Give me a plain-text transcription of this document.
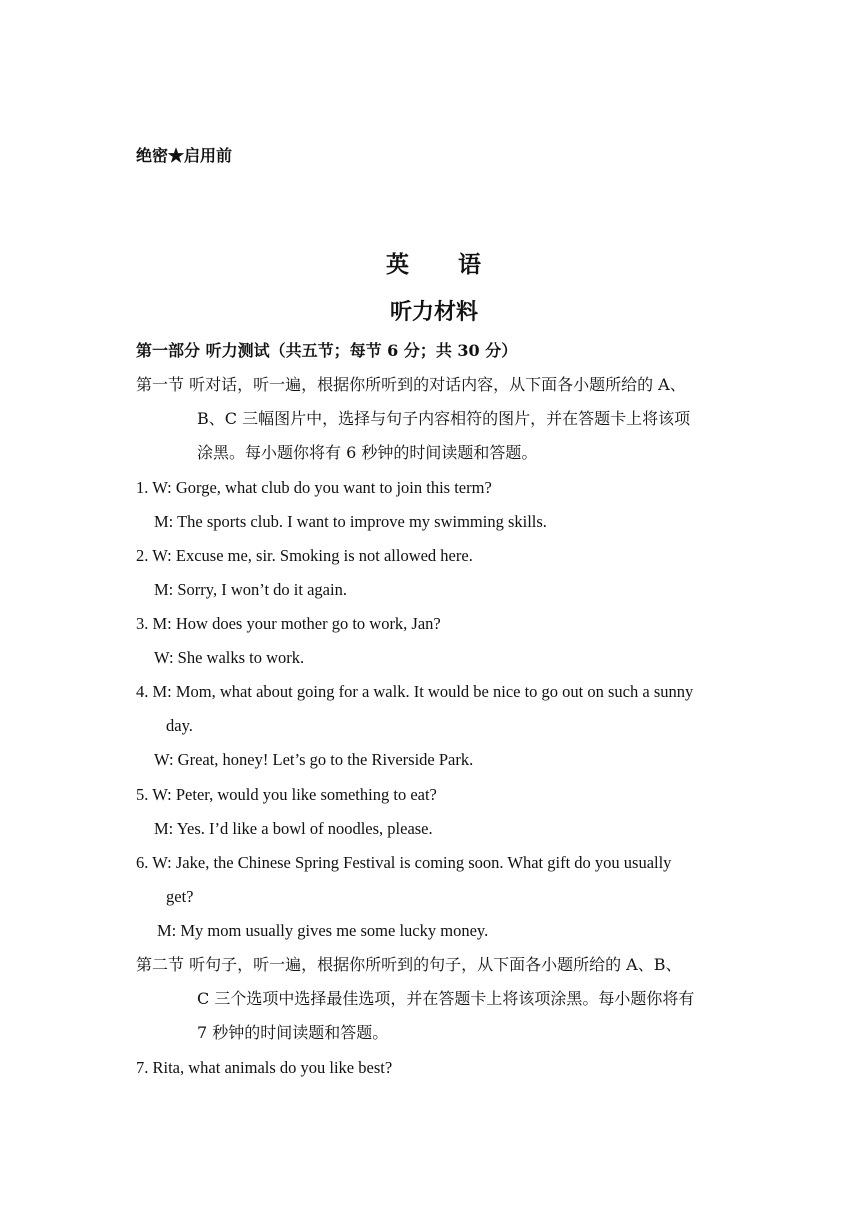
绝密★启用前
英　　语
听力材料
第一部分 听力测试（共五节；每节 6 分；共 30 分）
第一节 听对话，听一遍，根据你所听到的对话内容，从下面各小题所给的 A、
B、C 三幅图片中，选择与句子内容相符的图片，并在答题卡上将该项
涂黑。每小题你将有 6 秒钟的时间读题和答题。
1. W: Gorge, what club do you want to join this term?
M: The sports club. I want to improve my swimming skills.
2. W: Excuse me, sir. Smoking is not allowed here.
M: Sorry, I won’t do it again.
3. M: How does your mother go to work, Jan?
W: She walks to work.
4. M: Mom, what about going for a walk. It would be nice to go out on such a sunny
day.
W: Great, honey! Let’s go to the Riverside Park.
5. W: Peter, would you like something to eat?
M: Yes. I’d like a bowl of noodles, please.
6. W: Jake, the Chinese Spring Festival is coming soon. What gift do you usually
get?
M: My mom usually gives me some lucky money.
第二节 听句子，听一遍，根据你所听到的句子，从下面各小题所给的 A、B、
C 三个选项中选择最佳选项，并在答题卡上将该项涂黑。每小题你将有
7 秒钟的时间读题和答题。
7. Rita, what animals do you like best?
